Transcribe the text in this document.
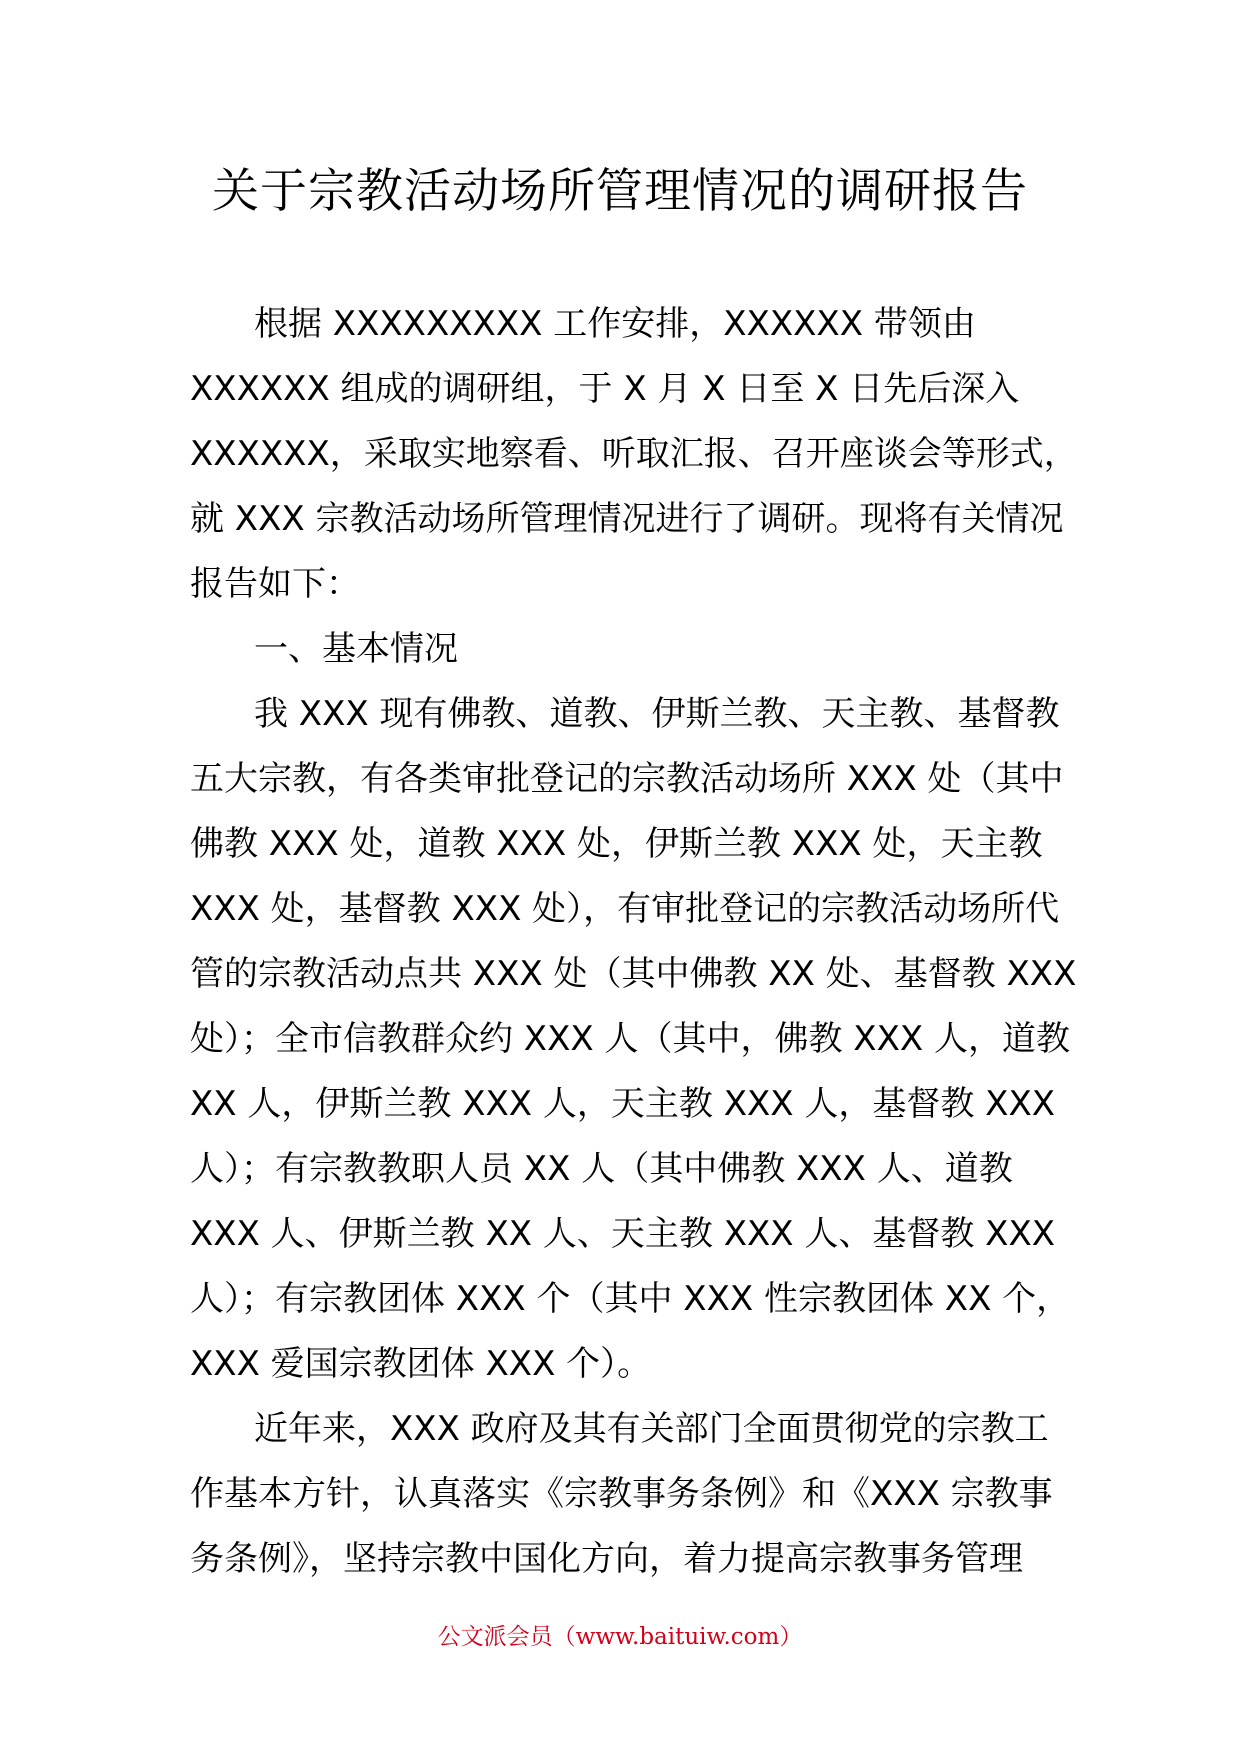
关于宗教活动场所管理情况的调研报告
根据 XXXXXXXXX 工作安排，XXXXXX 带领由
XXXXXX 组成的调研组，于 X 月 X 日至 X 日先后深入
XXXXXX，采取实地察看、听取汇报、召开座谈会等形式，
就 XXX 宗教活动场所管理情况进行了调研。现将有关情况
报告如下：
一、基本情况
我 XXX 现有佛教、道教、伊斯兰教、天主教、基督教
五大宗教，有各类审批登记的宗教活动场所 XXX 处（其中
佛教 XXX 处，道教 XXX 处，伊斯兰教 XXX 处，天主教
XXX 处，基督教 XXX 处），有审批登记的宗教活动场所代
管的宗教活动点共 XXX 处（其中佛教 XX 处、基督教 XXX
处）；全市信教群众约 XXX 人（其中，佛教 XXX 人，道教
XX 人，伊斯兰教 XXX 人，天主教 XXX 人，基督教 XXX
人）；有宗教教职人员 XX 人（其中佛教 XXX 人、道教
XXX 人、伊斯兰教 XX 人、天主教 XXX 人、基督教 XXX
人）；有宗教团体 XXX 个（其中 XXX 性宗教团体 XX 个，
XXX 爱国宗教团体 XXX 个）。
近年来，XXX 政府及其有关部门全面贯彻党的宗教工
作基本方针，认真落实《宗教事务条例》和《XXX 宗教事
务条例》，坚持宗教中国化方向，着力提高宗教事务管理
公文派会员（www.baituiw.com）
